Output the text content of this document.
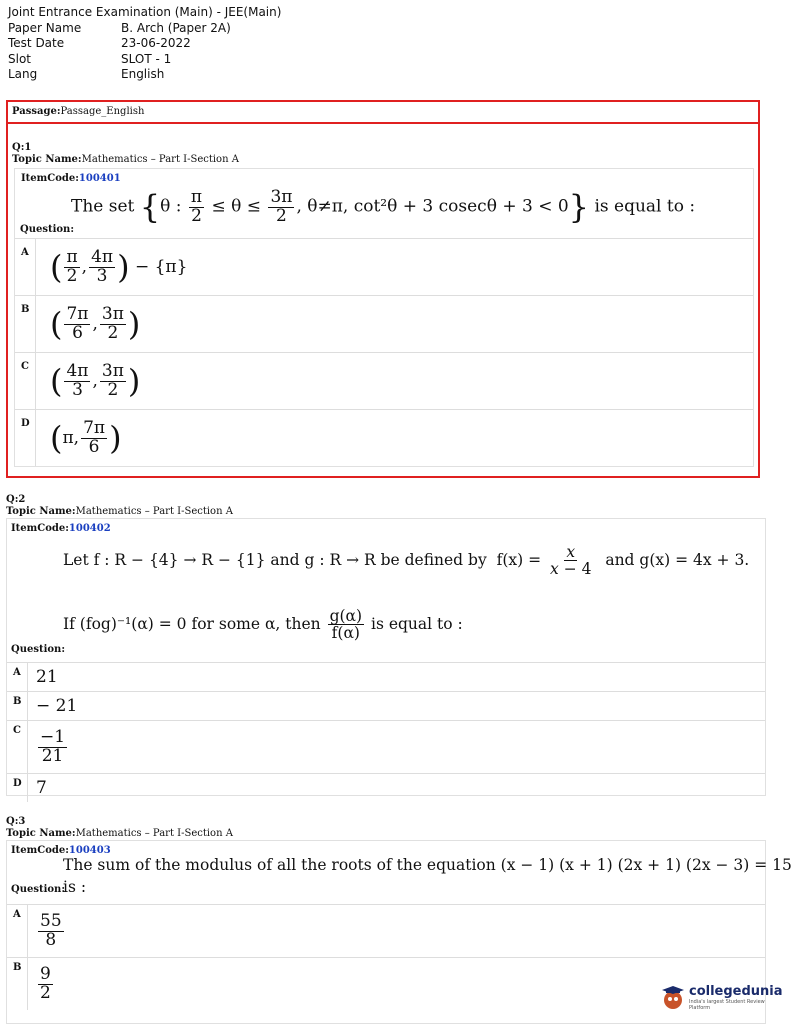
Joint Entrance Examination (Main) - JEE(Main)
Paper Name	B. Arch (Paper 2A)
Test Date	23-06-2022
Slot	SLOT - 1
Lang	English
Passage:Passage_English
Q:1
Topic Name:Mathematics – Part I-Section A
ItemCode:100401
Question:
The set {θ : $\frac{\pi}{2} \le \theta \le \frac{3\pi}{2}$ , θ≠π, cot²θ + 3 cosecθ + 3 < 0} is equal to :
A ( $\frac{\pi}{2}$ , $\frac{4\pi}{3}$ ) − {π}
B ( $\frac{7\pi}{6}$ , $\frac{3\pi}{2}$ )
C ( $\frac{4\pi}{3}$ , $\frac{3\pi}{2}$ )
D ( π, $\frac{7\pi}{6}$ )
Q:2
Topic Name:Mathematics – Part I-Section A
ItemCode:100402
Let f : R − {4} → R − {1} and g : R → R be defined by $f(x) = \frac{x}{x - 4}$ and g(x) = 4x + 3.
If (fog)⁻¹(α) = 0 for some α, then $\frac{g(\alpha)}{f(\alpha)}$ is equal to :
Question:
A 21
B − 21
C	$\frac{-1}{21}$
D 7
Q:3
Topic Name:Mathematics – Part I-Section A
ItemCode:100403
The sum of the modulus of all the roots of the equation (x − 1) (x + 1) (2x + 1) (2x − 3) = 15
is :
Question:
A	$\frac{55}{8}$
B $\frac{9}{2}$	collegedunia
India's largest Student Review Platform
